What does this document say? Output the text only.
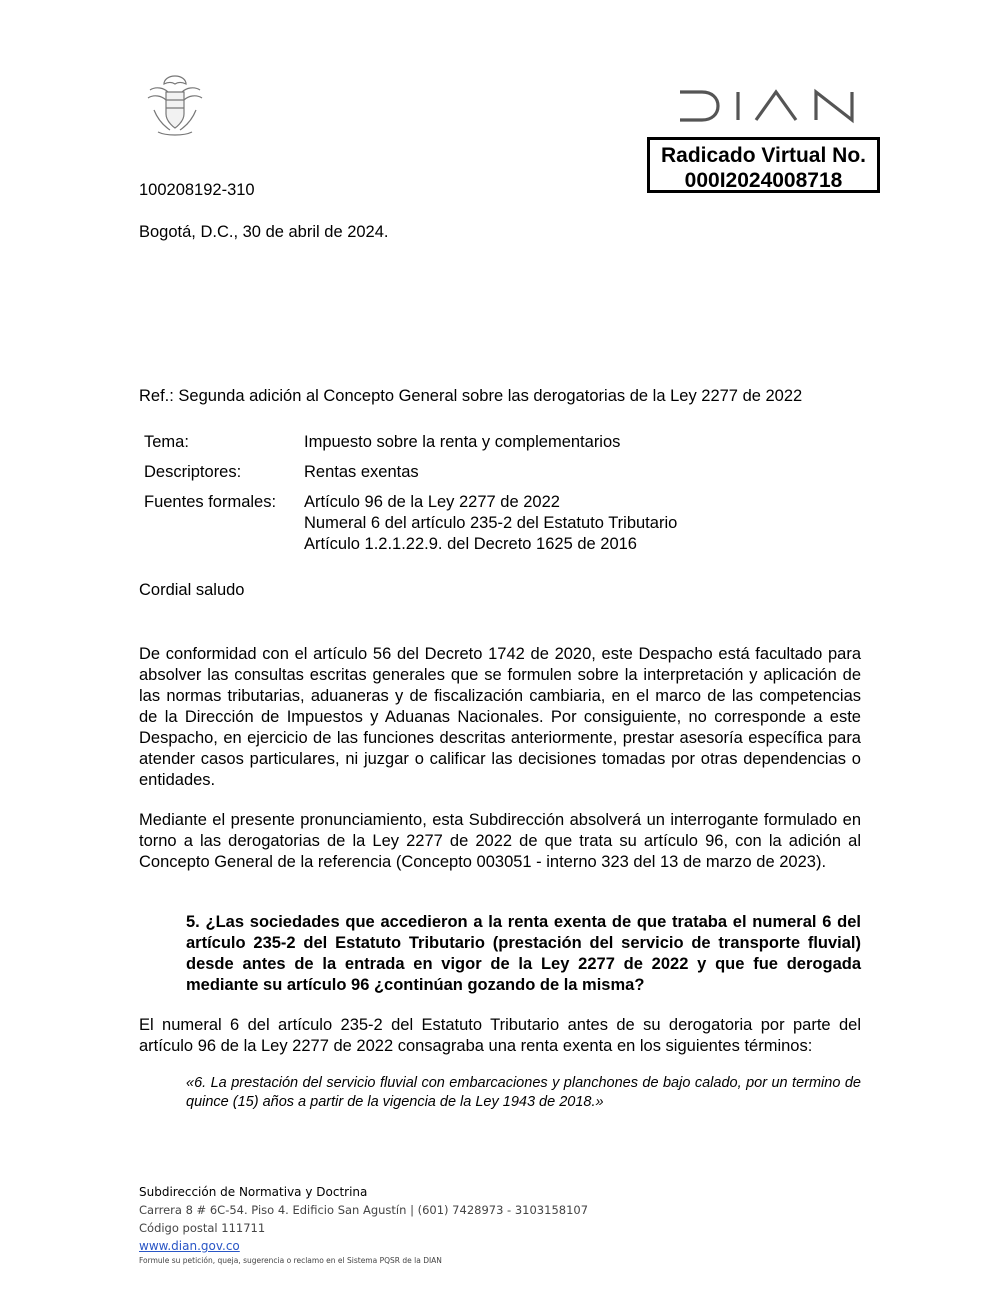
Radicado Virtual No.
000I2024008718
100208192-310
Bogotá, D.C., 30 de abril de 2024.
Ref.: Segunda adición al Concepto General sobre las derogatorias de la Ley 2277 de 2022
Tema:	Impuesto sobre la renta y complementarios
Descriptores:	Rentas exentas
Fuentes formales:	Artículo 96 de la Ley 2277 de 2022
Numeral 6 del artículo 235-2 del Estatuto Tributario
Artículo 1.2.1.22.9. del Decreto 1625 de 2016
Cordial saludo
De conformidad con el artículo 56 del Decreto 1742 de 2020, este Despacho está facultado para absolver las consultas escritas generales que se formulen sobre la interpretación y aplicación de las normas tributarias, aduaneras y de fiscalización cambiaria, en el marco de las competencias de la Dirección de Impuestos y Aduanas Nacionales. Por consiguiente, no corresponde a este Despacho, en ejercicio de las funciones descritas anteriormente, prestar asesoría específica para atender casos particulares, ni juzgar o calificar las decisiones tomadas por otras dependencias o entidades.
Mediante el presente pronunciamiento, esta Subdirección absolverá un interrogante formulado en torno a las derogatorias de la Ley 2277 de 2022 de que trata su artículo 96, con la adición al Concepto General de la referencia (Concepto 003051 - interno 323 del 13 de marzo de 2023).
5. ¿Las sociedades que accedieron a la renta exenta de que trataba el numeral 6 del artículo 235-2 del Estatuto Tributario (prestación del servicio de transporte fluvial) desde antes de la entrada en vigor de la Ley 2277 de 2022 y que fue derogada mediante su artículo 96 ¿continúan gozando de la misma?
El numeral 6 del artículo 235-2 del Estatuto Tributario antes de su derogatoria por parte del artículo 96 de la Ley 2277 de 2022 consagraba una renta exenta en los siguientes términos:
«6. La prestación del servicio fluvial con embarcaciones y planchones de bajo calado, por un termino de quince (15) años a partir de la vigencia de la Ley 1943 de 2018.»
Subdirección de Normativa y Doctrina
Carrera 8 # 6C-54. Piso 4. Edificio San Agustín | (601) 7428973 - 3103158107
Código postal 111711
www.dian.gov.co
Formule su petición, queja, sugerencia o reclamo en el Sistema PQSR de la DIAN
